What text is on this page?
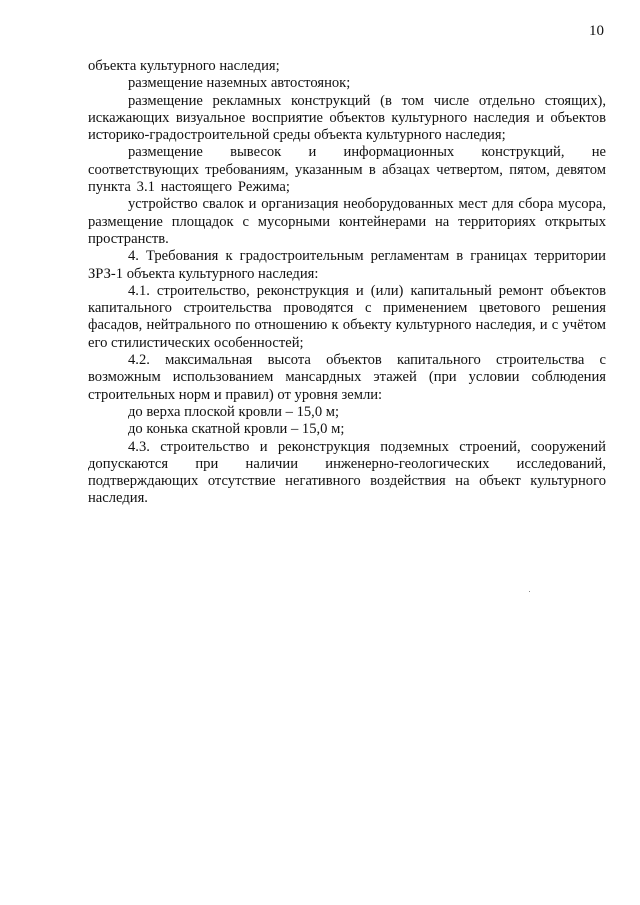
10

объекта культурного наследия;

размещение наземных автостоянок;

размещение рекламных конструкций (в том числе отдельно стоящих), искажающих визуальное восприятие объектов культурного наследия и объектов историко-градостроительной среды объекта культурного наследия;

размещение вывесок и информационных конструкций, не соответствующих требованиям, указанным в абзацах четвертом, пятом, девятом пункта 3.1 настоящего Режима;

устройство свалок и организация необорудованных мест для сбора мусора, размещение площадок с мусорными контейнерами на территориях открытых пространств.

4. Требования к градостроительным регламентам в границах территории ЗРЗ-1 объекта культурного наследия:

4.1. строительство, реконструкция и (или) капитальный ремонт объектов капитального строительства проводятся с применением цветового решения фасадов, нейтрального по отношению к объекту культурного наследия, и с учётом его стилистических особенностей;

4.2. максимальная высота объектов капитального строительства с возможным использованием мансардных этажей (при условии соблюдения строительных норм и правил) от уровня земли:

до верха плоской кровли – 15,0 м;

до конька скатной кровли – 15,0 м;

4.3. строительство и реконструкция подземных строений, сооружений допускаются при наличии инженерно-геологических исследований, подтверждающих отсутствие негативного воздействия на объект культурного наследия.
